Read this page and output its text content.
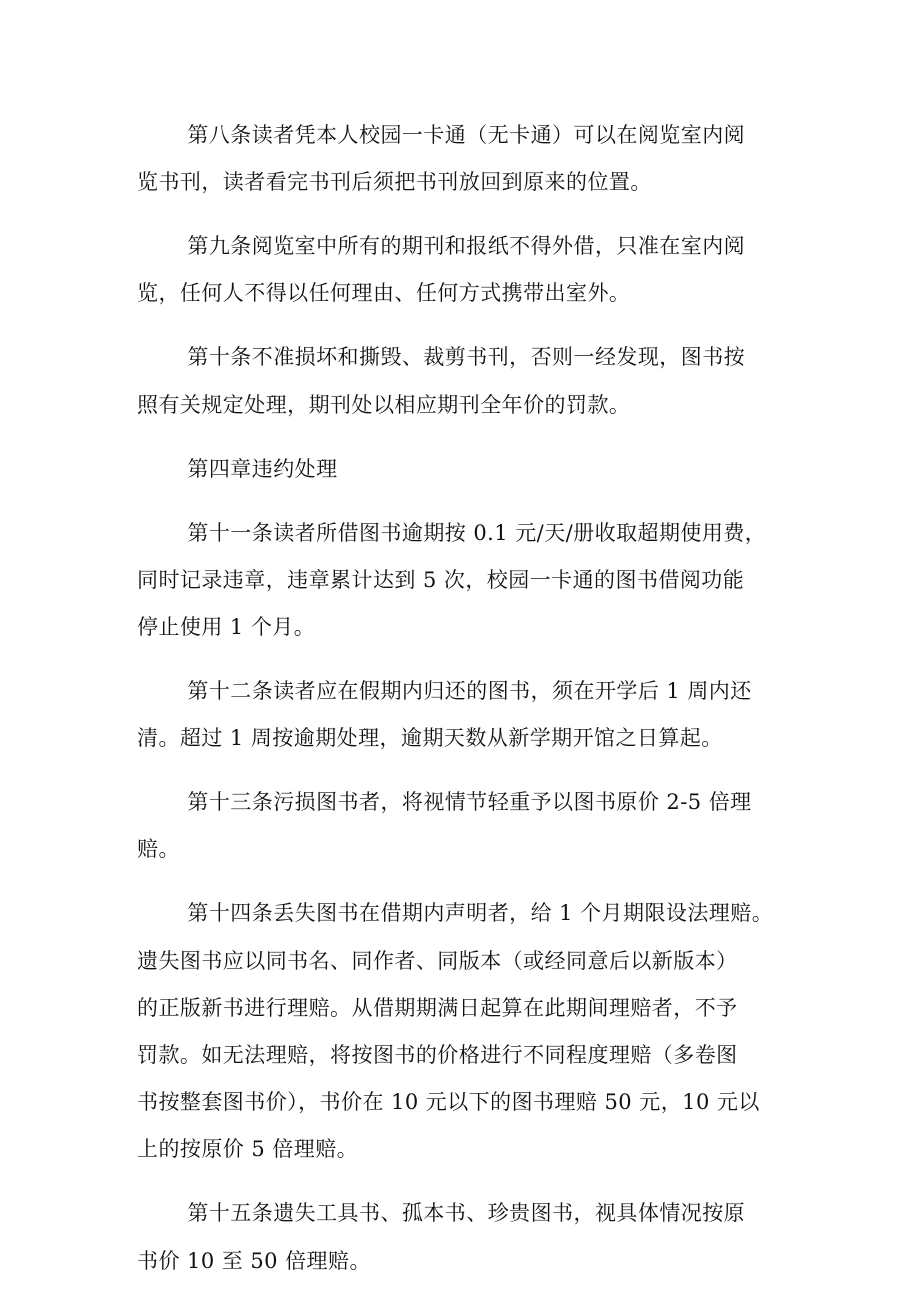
第八条读者凭本人校园一卡通（无卡通）可以在阅览室内阅
览书刊，读者看完书刊后须把书刊放回到原来的位置。

第九条阅览室中所有的期刊和报纸不得外借，只准在室内阅
览，任何人不得以任何理由、任何方式携带出室外。

第十条不准损坏和撕毁、裁剪书刊，否则一经发现，图书按
照有关规定处理，期刊处以相应期刊全年价的罚款。

第四章违约处理

第十一条读者所借图书逾期按 0.1 元/天/册收取超期使用费，
同时记录违章，违章累计达到 5 次，校园一卡通的图书借阅功能
停止使用 1 个月。

第十二条读者应在假期内归还的图书，须在开学后 1 周内还
清。超过 1 周按逾期处理，逾期天数从新学期开馆之日算起。

第十三条污损图书者，将视情节轻重予以图书原价 2-5 倍理
赔。

第十四条丢失图书在借期内声明者，给 1 个月期限设法理赔。
遗失图书应以同书名、同作者、同版本（或经同意后以新版本）
的正版新书进行理赔。从借期期满日起算在此期间理赔者，不予
罚款。如无法理赔，将按图书的价格进行不同程度理赔（多卷图
书按整套图书价），书价在 10 元以下的图书理赔 50 元，10 元以
上的按原价 5 倍理赔。

第十五条遗失工具书、孤本书、珍贵图书，视具体情况按原
书价 10 至 50 倍理赔。
